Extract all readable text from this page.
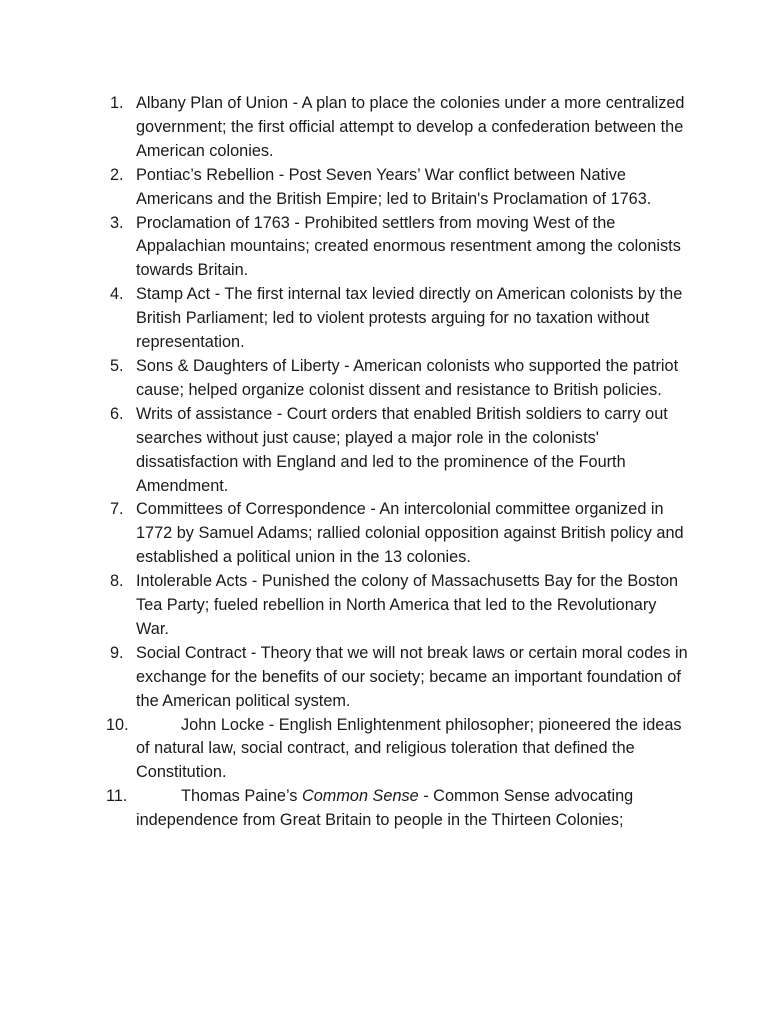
1. Albany Plan of Union - A plan to place the colonies under a more centralized government; the first official attempt to develop a confederation between the American colonies.
2. Pontiac’s Rebellion - Post Seven Years’ War conflict between Native Americans and the British Empire; led to Britain's Proclamation of 1763.
3. Proclamation of 1763 - Prohibited settlers from moving West of the Appalachian mountains; created enormous resentment among the colonists towards Britain.
4. Stamp Act - The first internal tax levied directly on American colonists by the British Parliament; led to violent protests arguing for no taxation without representation.
5. Sons & Daughters of Liberty - American colonists who supported the patriot cause; helped organize colonist dissent and resistance to British policies.
6. Writs of assistance - Court orders that enabled British soldiers to carry out searches without just cause; played a major role in the colonists' dissatisfaction with England and led to the prominence of the Fourth Amendment.
7. Committees of Correspondence - An intercolonial committee organized in 1772 by Samuel Adams; rallied colonial opposition against British policy and established a political union in the 13 colonies.
8. Intolerable Acts - Punished the colony of Massachusetts Bay for the Boston Tea Party; fueled rebellion in North America that led to the Revolutionary War.
9. Social Contract - Theory that we will not break laws or certain moral codes in exchange for the benefits of our society; became an important foundation of the American political system.
10.	John Locke - English Enlightenment philosopher; pioneered the ideas of natural law, social contract, and religious toleration that defined the Constitution.
11.	Thomas Paine’s Common Sense - Common Sense advocating independence from Great Britain to people in the Thirteen Colonies;
